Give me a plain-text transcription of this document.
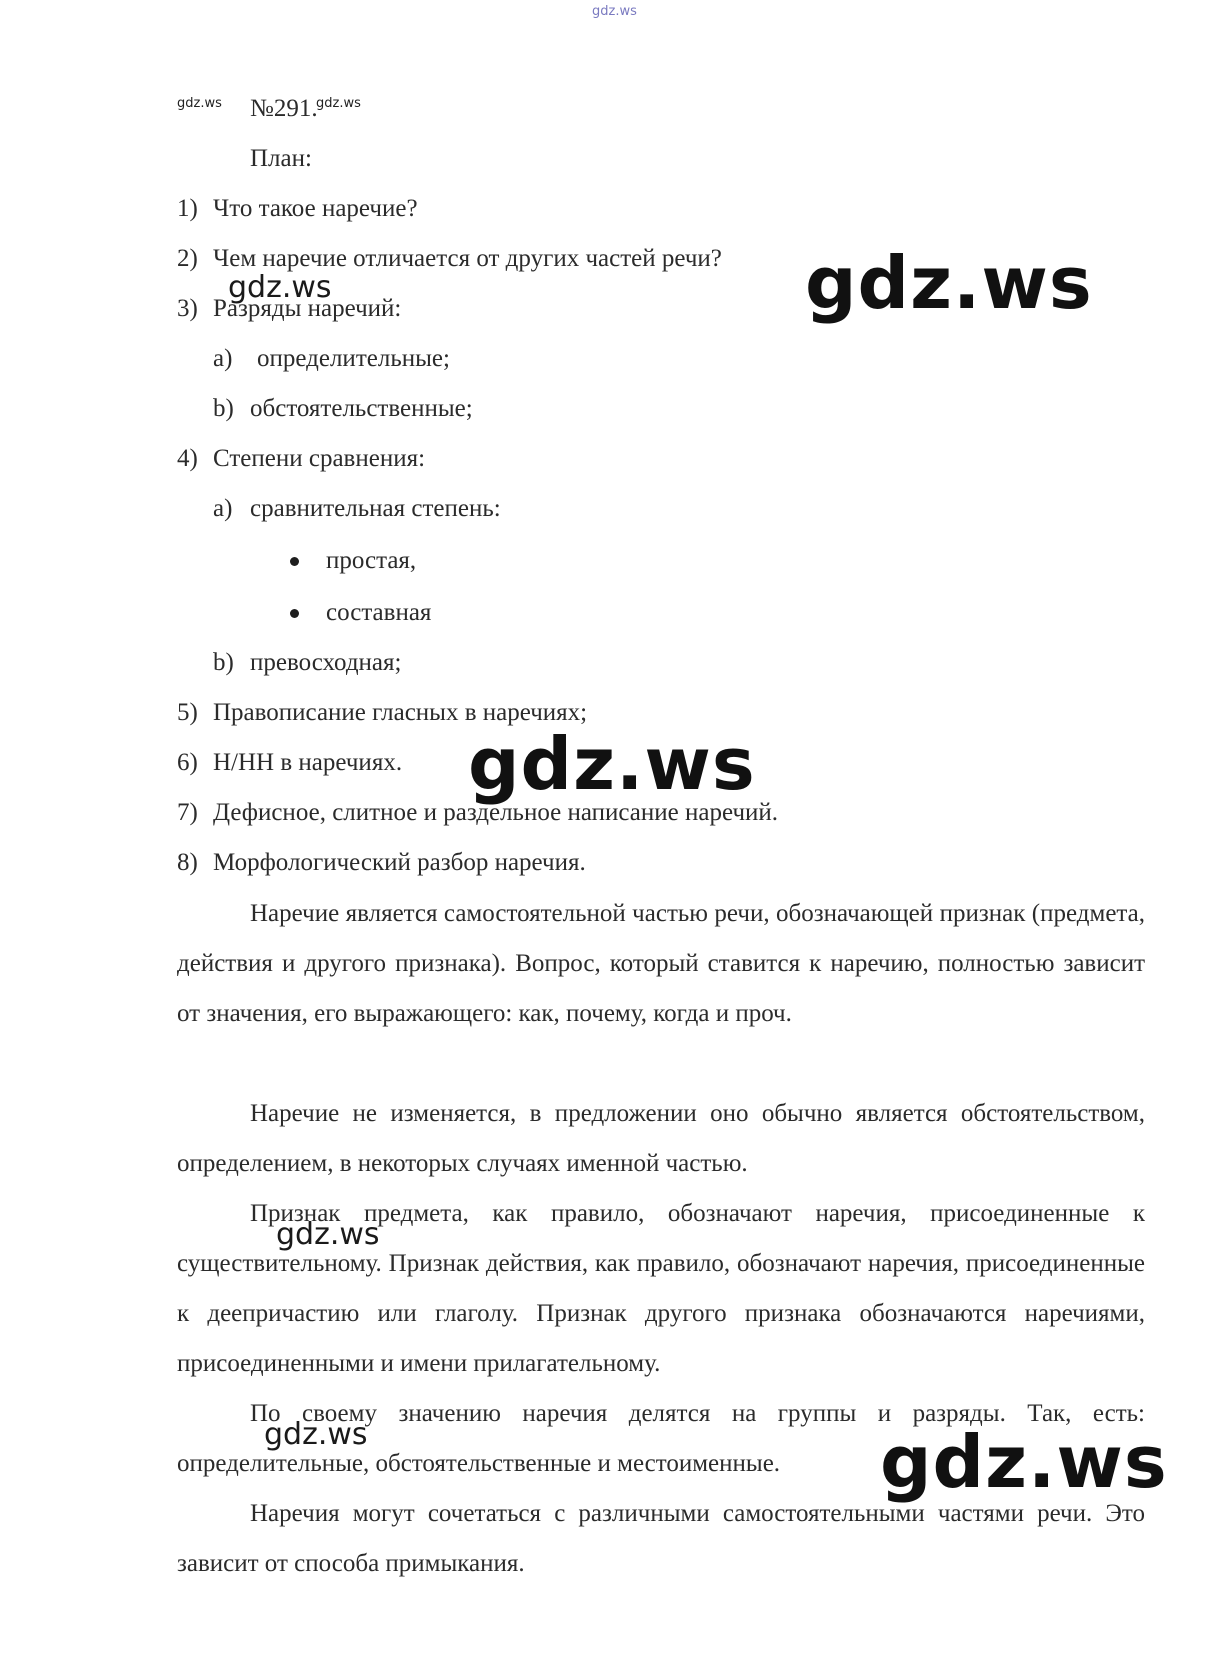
gdz.ws
gdz.ws №291.
gdz.ws
План:
1) Что такое наречие?
2) Чем наречие отличается от других частей речи?
3) Разряды наречий:
a) определительные;
b) обстоятельственные;
4) Степени сравнения:
a) сравнительная степень:
простая,
составная
b) превосходная;
5) Правописание гласных в наречиях;
6) Н/НН в наречиях.
7) Дефисное, слитное и раздельное написание наречий.
8) Морфологический разбор наречия.

Наречие является самостоятельной частью речи, обозначающей признак (предмета, действия и другого признака). Вопрос, который ставится к наречию, полностью зависит от значения, его выражающего: как, почему, когда и проч.

Наречие не изменяется, в предложении оно обычно является обстоятельством, определением, в некоторых случаях именной частью.

Признак предмета, как правило, обозначают наречия, присоединенные к существительному. Признак действия, как правило, обозначают наречия, присоединенные к деепричастию или глаголу. Признак другого признака обозначаются наречиями, присоединенными и имени прилагательному.

По своему значению наречия делятся на группы и разряды. Так, есть: определительные, обстоятельственные и местоименные.

Наречия могут сочетаться с различными самостоятельными частями речи. Это зависит от способа примыкания.

gdz.ws	gdz.ws
gdz.ws
gdz.ws
gdz.ws	gdz.ws
